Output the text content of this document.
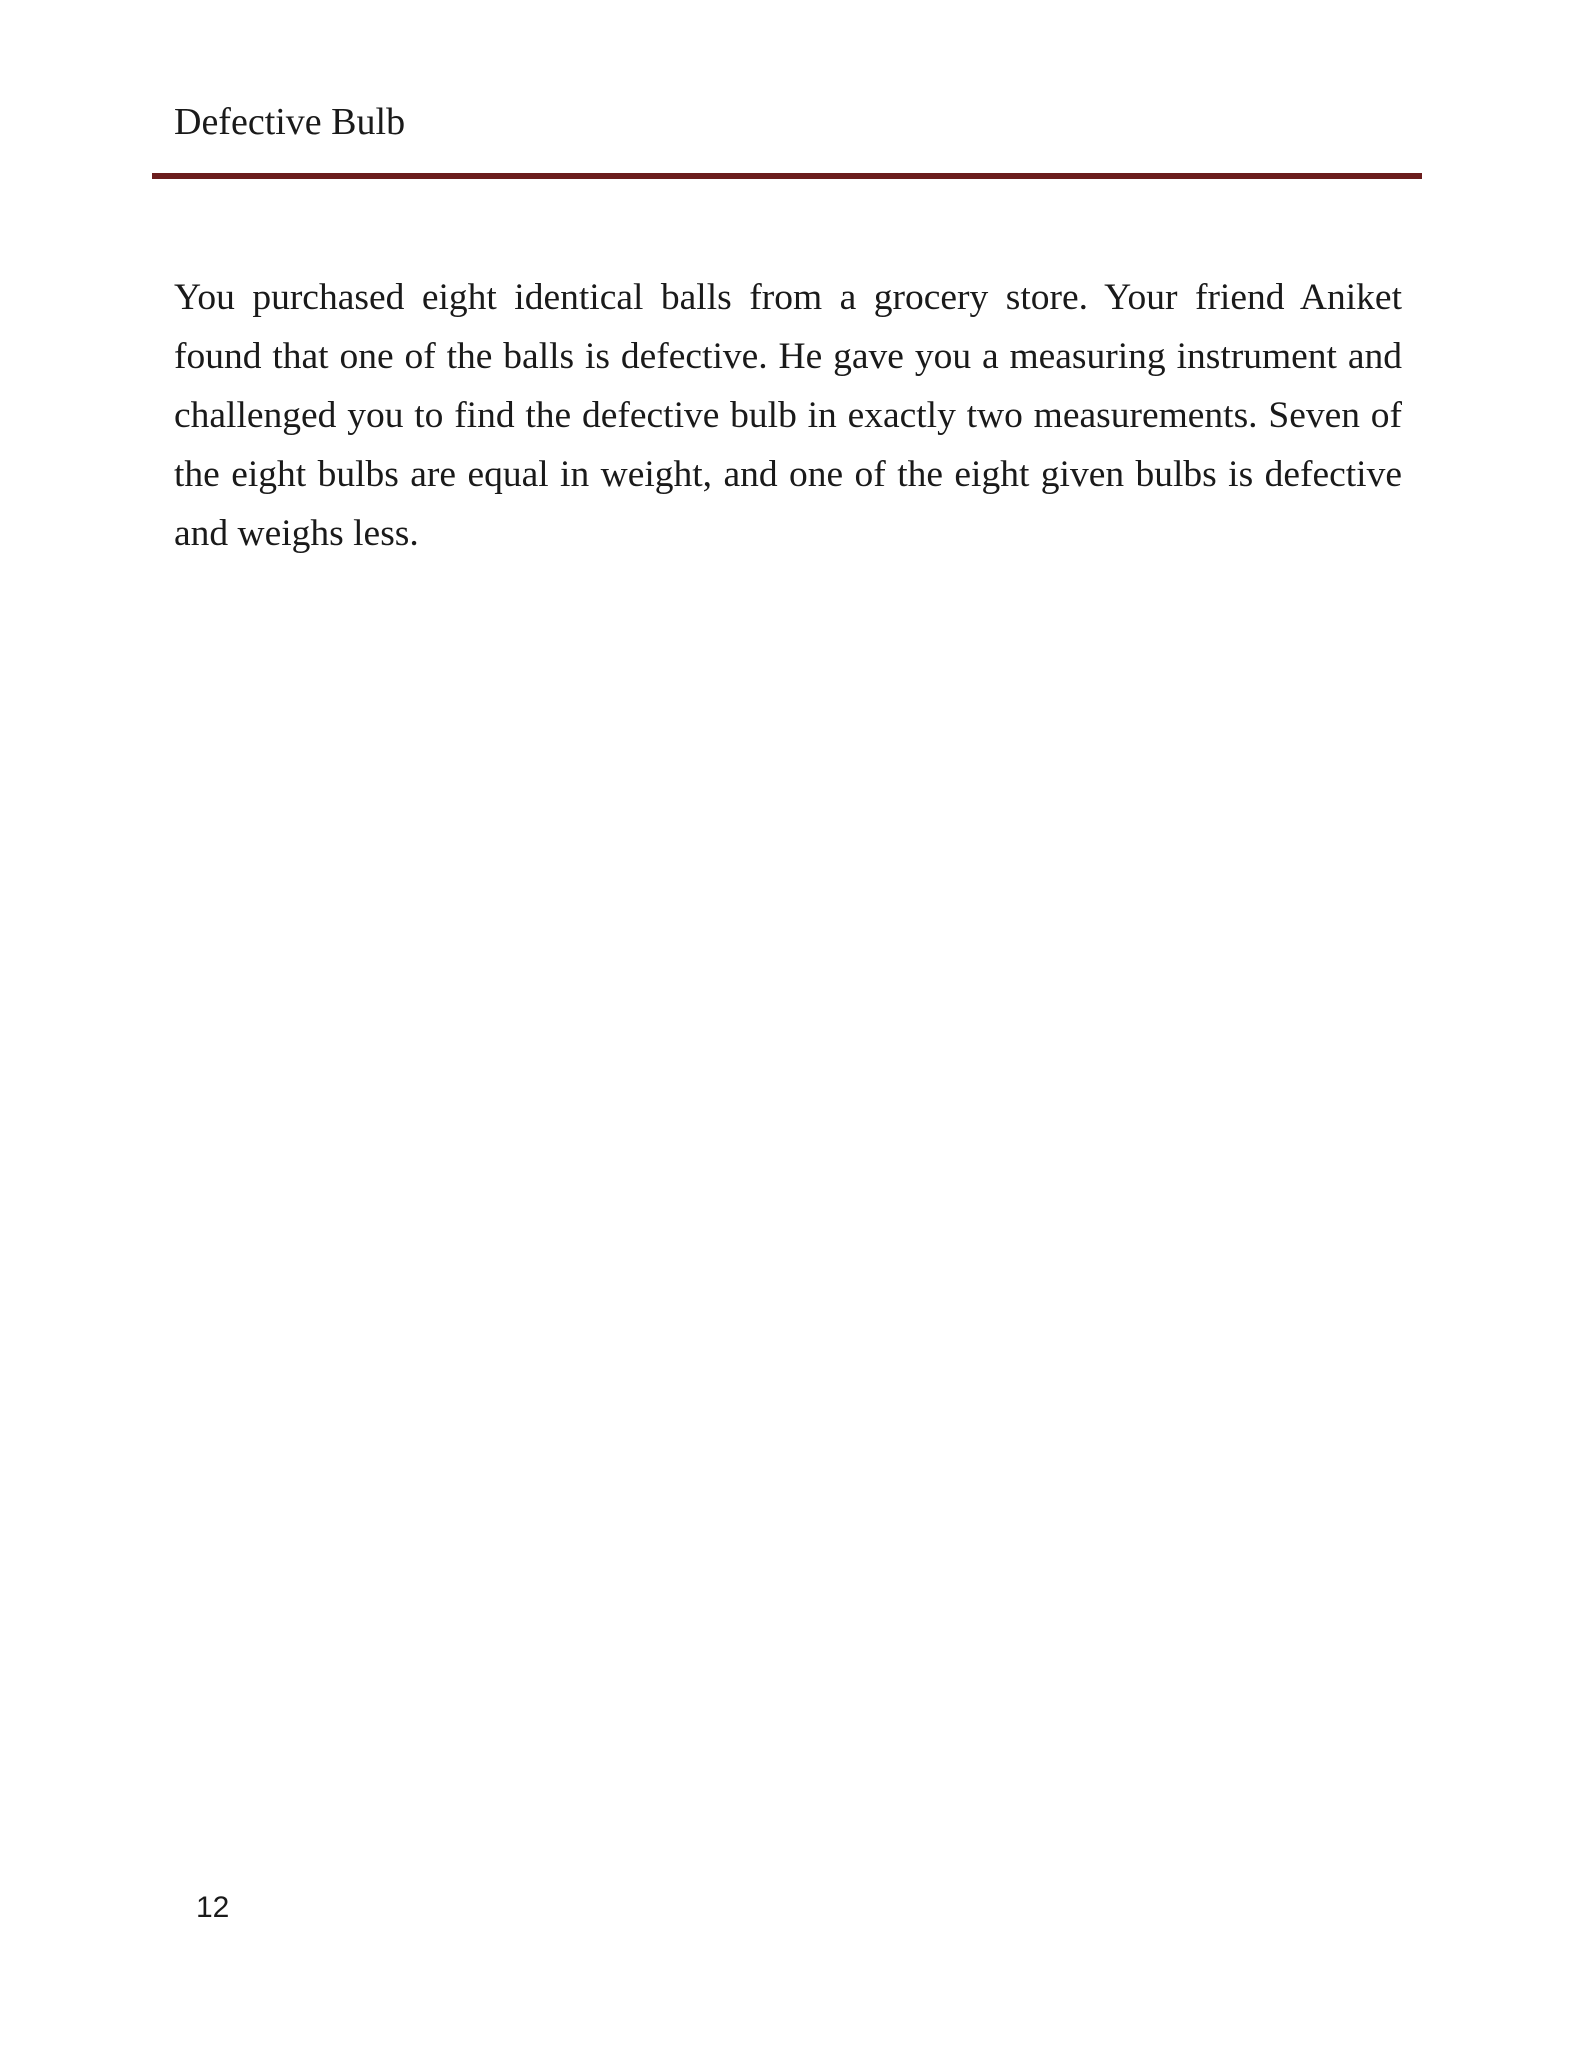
Defective Bulb

You purchased eight identical balls from a grocery store. Your friend Aniket found that one of the balls is defective. He gave you a measuring instrument and challenged you to find the defective bulb in exactly two measurements. Seven of the eight bulbs are equal in weight, and one of the eight given bulbs is defective and weighs less.

12
